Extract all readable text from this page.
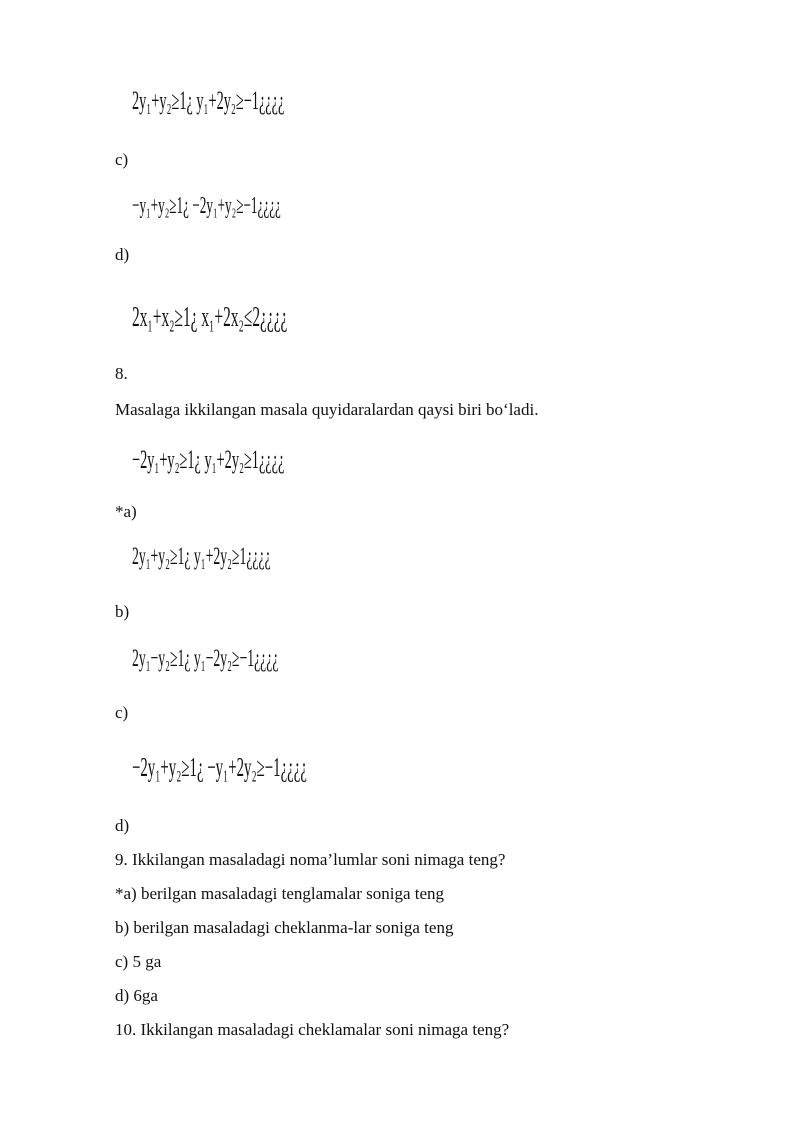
2y₁+y₂≥1¿ y₁+2y₂≥−1¿¿¿¿
c)
−y₁+y₂≥1¿ −2y₁+y₂≥−1¿¿¿¿
d)
2x₁+x₂≥1¿ x₁+2x₂≤2¿¿¿¿
8.
Masalaga ikkilangan masala quyidaralardan qaysi biri bo‘ladi.
−2y₁+y₂≥1¿ y₁+2y₂≥1¿¿¿¿
*a)
2y₁+y₂≥1¿ y₁+2y₂≥1¿¿¿¿
b)
2y₁−y₂≥1¿ y₁−2y₂≥−1¿¿¿¿
c)
−2y₁+y₂≥1¿ −y₁+2y₂≥−1¿¿¿¿
d)
9. Ikkilangan masaladagi noma’lumlar soni nimaga teng?
*a) berilgan masaladagi tenglamalar soniga teng
b) berilgan masaladagi cheklanma-lar soniga teng
c) 5 ga
d) 6ga
10. Ikkilangan masaladagi cheklamalar soni nimaga teng?
